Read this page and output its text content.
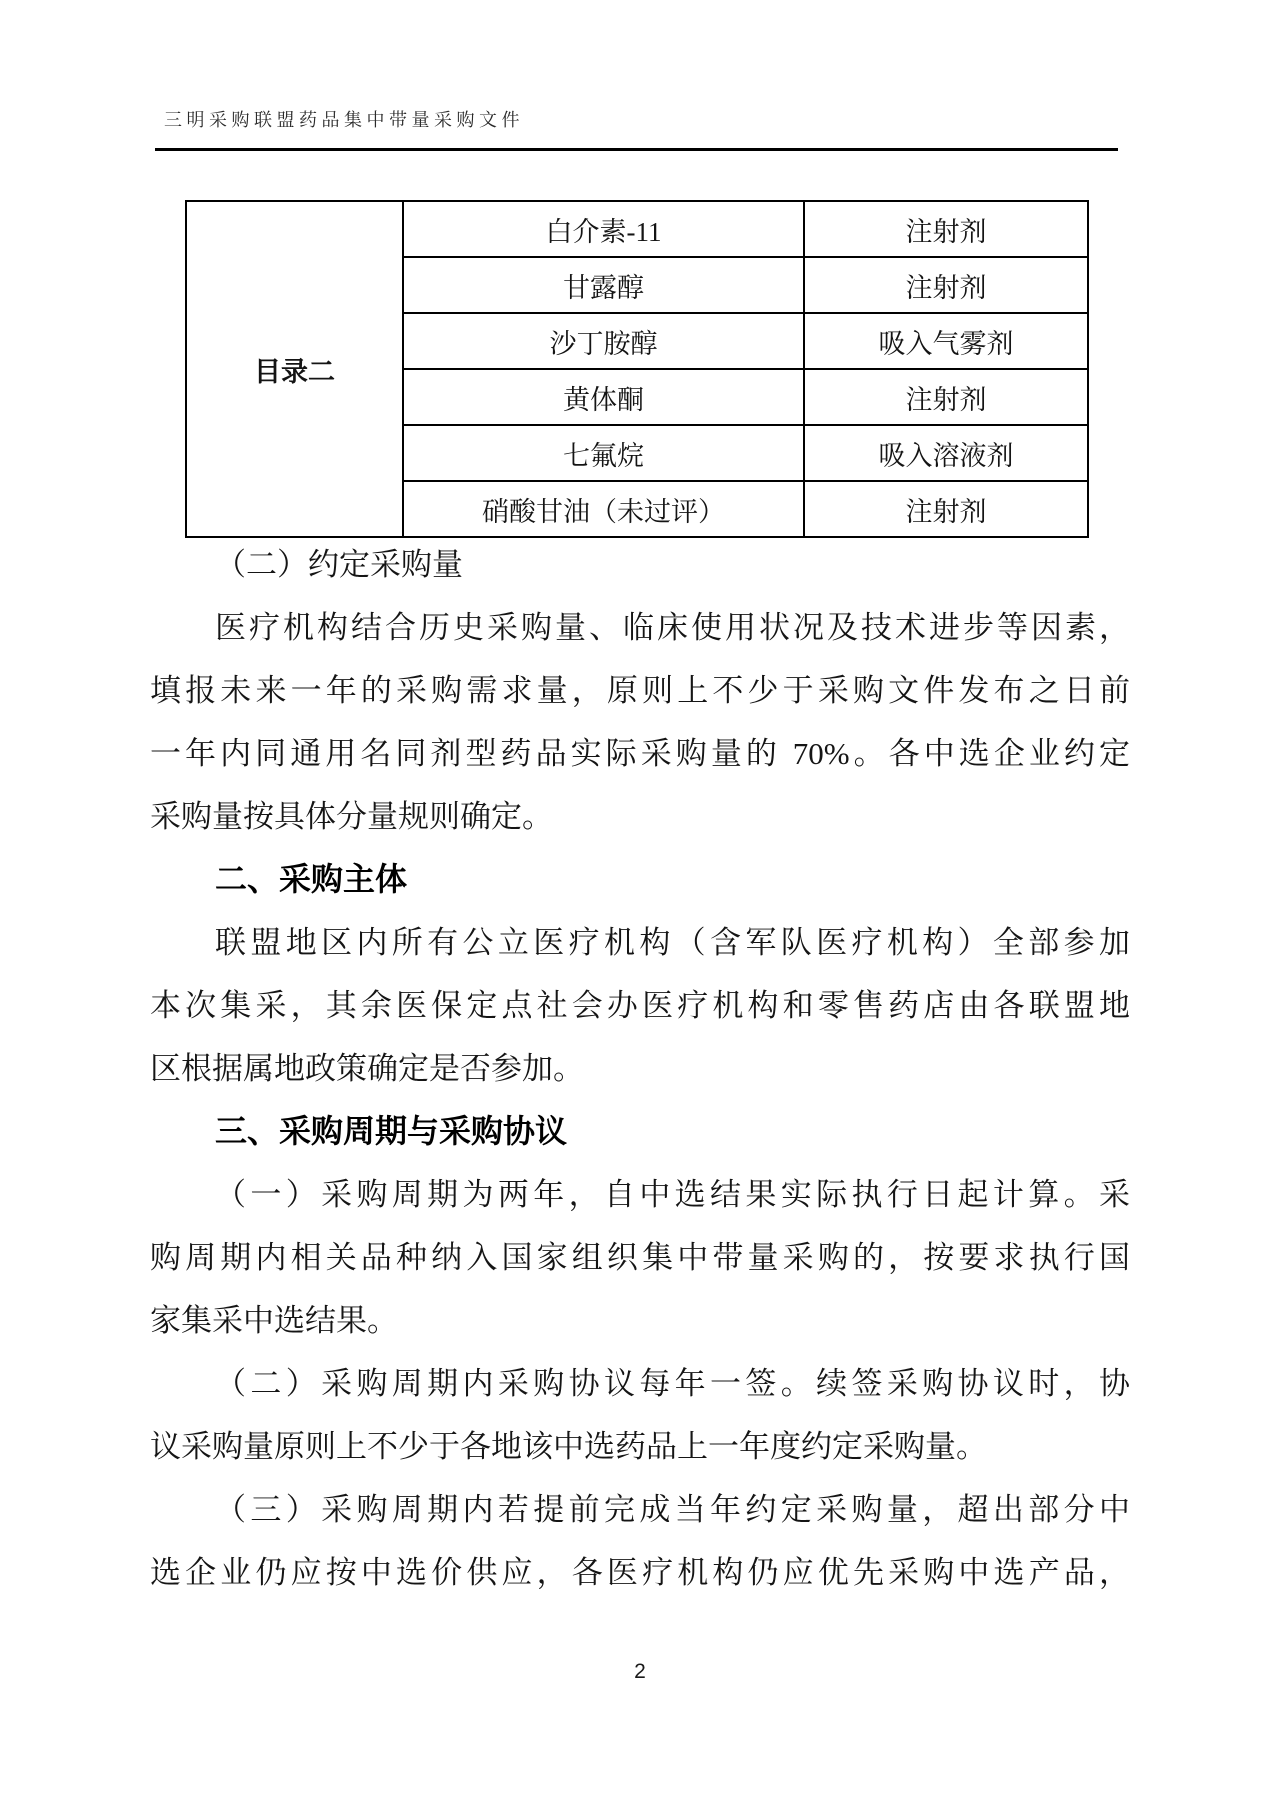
三明采购联盟药品集中带量采购文件
目录二	白介素-11	注射剂
	甘露醇	注射剂
	沙丁胺醇	吸入气雾剂
	黄体酮	注射剂
	七氟烷	吸入溶液剂
	硝酸甘油（未过评）	注射剂
（二）约定采购量
医疗机构结合历史采购量、临床使用状况及技术进步等因素，
填报未来一年的采购需求量，原则上不少于采购文件发布之日前
一年内同通用名同剂型药品实际采购量的 70%。各中选企业约定
采购量按具体分量规则确定。
二、采购主体
联盟地区内所有公立医疗机构（含军队医疗机构）全部参加
本次集采，其余医保定点社会办医疗机构和零售药店由各联盟地
区根据属地政策确定是否参加。
三、采购周期与采购协议
（一）采购周期为两年，自中选结果实际执行日起计算。采
购周期内相关品种纳入国家组织集中带量采购的，按要求执行国
家集采中选结果。
（二）采购周期内采购协议每年一签。续签采购协议时，协
议采购量原则上不少于各地该中选药品上一年度约定采购量。
（三）采购周期内若提前完成当年约定采购量，超出部分中
选企业仍应按中选价供应，各医疗机构仍应优先采购中选产品，
2
